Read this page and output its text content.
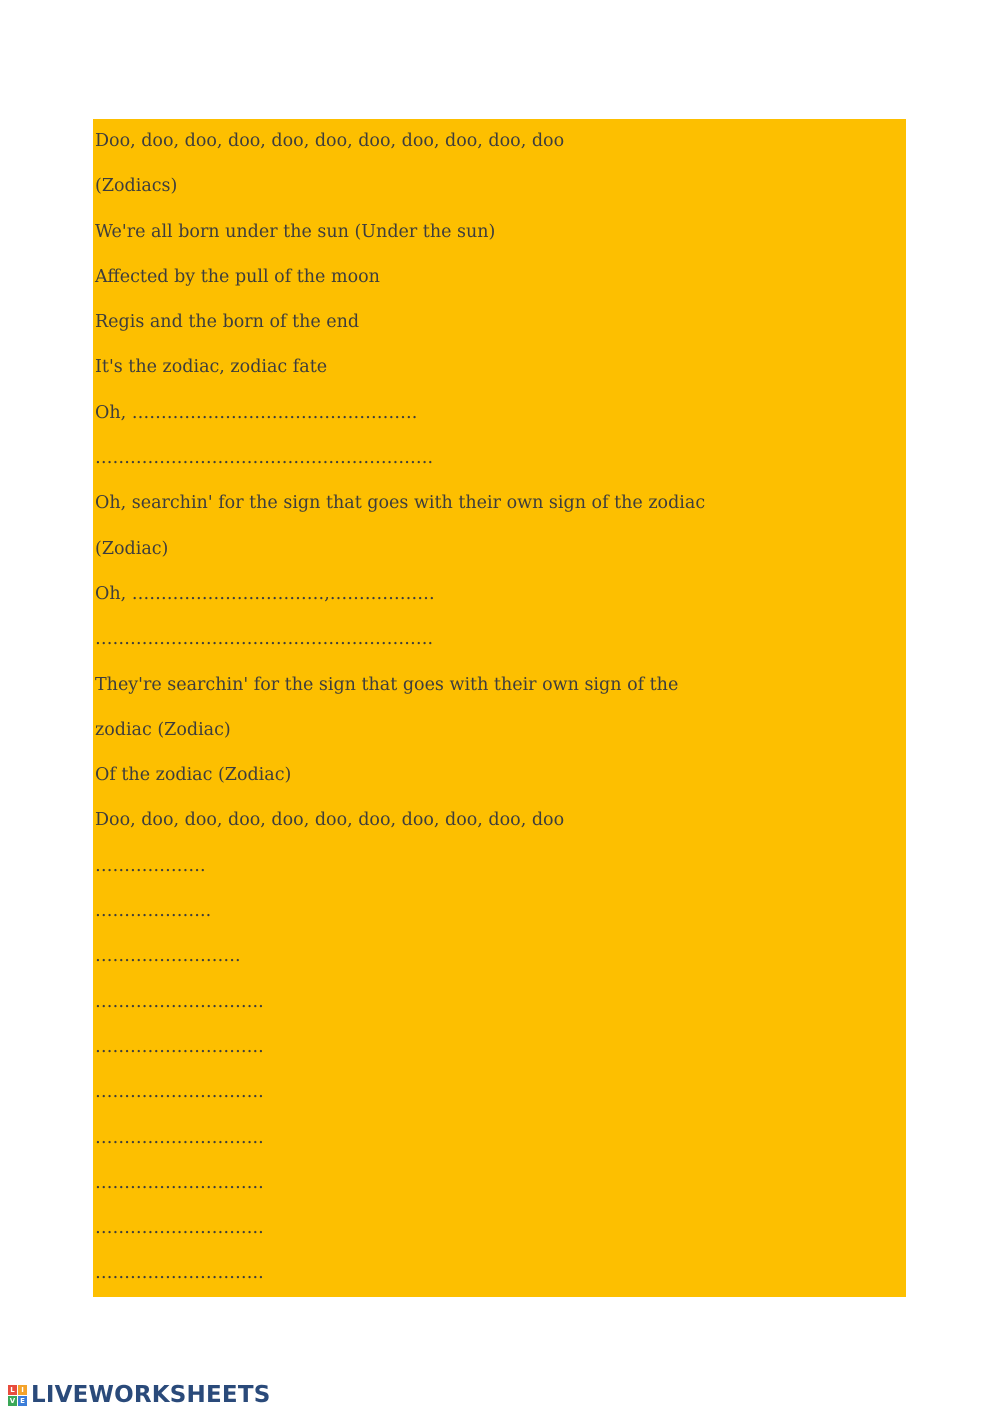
Doo, doo, doo, doo, doo, doo, doo, doo, doo, doo, doo
(Zodiacs)
We're all born under the sun (Under the sun)
Affected by the pull of the moon
Regis and the born of the end
It's the zodiac, zodiac fate
Oh, ………………………………………….
………………………………………………….
Oh, searchin' for the sign that goes with their own sign of the zodiac
(Zodiac)
Oh, ……………………………,………………
………………………………………………….
They're searchin' for the sign that goes with their own sign of the
zodiac (Zodiac)
Of the zodiac (Zodiac)
Doo, doo, doo, doo, doo, doo, doo, doo, doo, doo, doo
……………….
………………..
…………………….
………………………..
………………………..
………………………..
………………………..
………………………..
………………………..
………………………..
L I
V E LIVEWORKSHEETS
